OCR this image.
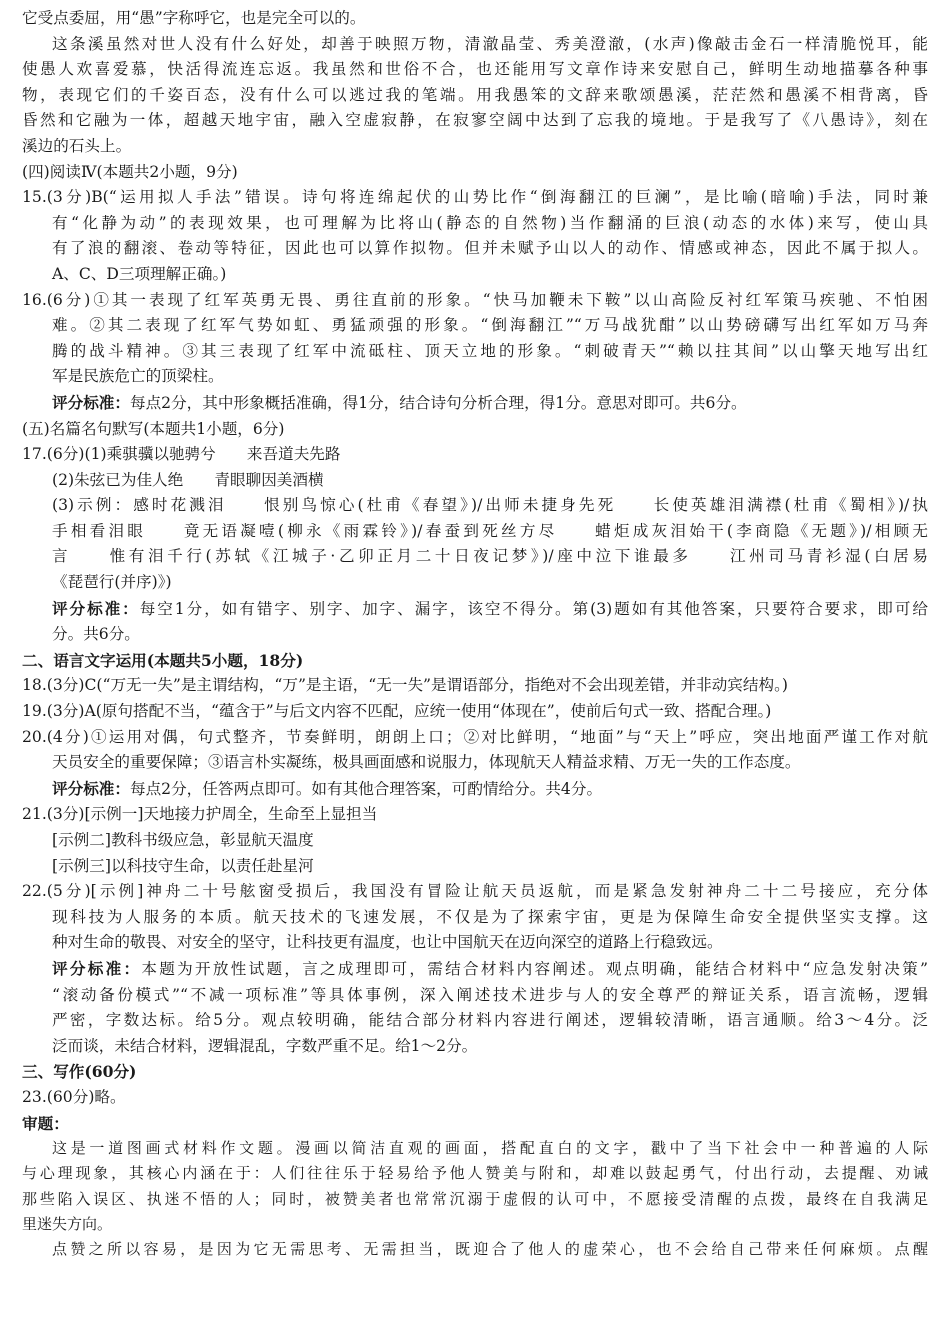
它受点委屈，用“愚”字称呼它，也是完全可以的。
这条溪虽然对世人没有什么好处，却善于映照万物，清澈晶莹、秀美澄澈，(水声)像敲击金石一样清脆悦耳，能
使愚人欢喜爱慕，快活得流连忘返。我虽然和世俗不合，也还能用写文章作诗来安慰自己，鲜明生动地描摹各种事
物，表现它们的千姿百态，没有什么可以逃过我的笔端。用我愚笨的文辞来歌颂愚溪，茫茫然和愚溪不相背离，昏
昏然和它融为一体，超越天地宇宙，融入空虚寂静，在寂寥空阔中达到了忘我的境地。于是我写了《八愚诗》，刻在
溪边的石头上。
(四)阅读Ⅳ(本题共2小题，9分)
15.(3分)B(“运用拟人手法”错误。诗句将连绵起伏的山势比作“倒海翻江的巨澜”，是比喻(暗喻)手法，同时兼
有“化静为动”的表现效果，也可理解为比将山(静态的自然物)当作翻涌的巨浪(动态的水体)来写，使山具
有了浪的翻滚、卷动等特征，因此也可以算作拟物。但并未赋予山以人的动作、情感或神态，因此不属于拟人。
A、C、D三项理解正确。)
16.(6分)①其一表现了红军英勇无畏、勇往直前的形象。“快马加鞭未下鞍”以山高险反衬红军策马疾驰、不怕困
难。②其二表现了红军气势如虹、勇猛顽强的形象。“倒海翻江”“万马战犹酣”以山势磅礴写出红军如万马奔
腾的战斗精神。③其三表现了红军中流砥柱、顶天立地的形象。“刺破青天”“赖以拄其间”以山擎天地写出红
军是民族危亡的顶梁柱。
评分标准：每点2分，其中形象概括准确，得1分，结合诗句分析合理，得1分。意思对即可。共6分。
(五)名篇名句默写(本题共1小题，6分)
17.(6分)(1)乘骐骥以驰骋兮　　来吾道夫先路
(2)朱弦已为佳人绝　　青眼聊因美酒横
(3)示例：感时花溅泪　　恨别鸟惊心(杜甫《春望》)/出师未捷身先死　　长使英雄泪满襟(杜甫《蜀相》)/执
手相看泪眼　　竟无语凝噎(柳永《雨霖铃》)/春蚕到死丝方尽　　蜡炬成灰泪始干(李商隐《无题》)/相顾无
言　　惟有泪千行(苏轼《江城子·乙卯正月二十日夜记梦》)/座中泣下谁最多　　江州司马青衫湿(白居易
《琵琶行(并序)》)
评分标准：每空1分，如有错字、别字、加字、漏字，该空不得分。第(3)题如有其他答案，只要符合要求，即可给
分。共6分。
二、语言文字运用(本题共5小题，18分)
18.(3分)C(“万无一失”是主谓结构，“万”是主语，“无一失”是谓语部分，指绝对不会出现差错，并非动宾结构。)
19.(3分)A(原句搭配不当，“蕴含于”与后文内容不匹配，应统一使用“体现在”，使前后句式一致、搭配合理。)
20.(4分)①运用对偶，句式整齐，节奏鲜明，朗朗上口；②对比鲜明，“地面”与“天上”呼应，突出地面严谨工作对航
天员安全的重要保障；③语言朴实凝练，极具画面感和说服力，体现航天人精益求精、万无一失的工作态度。
评分标准：每点2分，任答两点即可。如有其他合理答案，可酌情给分。共4分。
21.(3分)[示例一]天地接力护周全，生命至上显担当
[示例二]教科书级应急，彰显航天温度
[示例三]以科技守生命，以责任赴星河
22.(5分)[示例]神舟二十号舷窗受损后，我国没有冒险让航天员返航，而是紧急发射神舟二十二号接应，充分体
现科技为人服务的本质。航天技术的飞速发展，不仅是为了探索宇宙，更是为保障生命安全提供坚实支撑。这
种对生命的敬畏、对安全的坚守，让科技更有温度，也让中国航天在迈向深空的道路上行稳致远。
评分标准：本题为开放性试题，言之成理即可，需结合材料内容阐述。观点明确，能结合材料中“应急发射决策”
“滚动备份模式”“不减一项标准”等具体事例，深入阐述技术进步与人的安全尊严的辩证关系，语言流畅，逻辑
严密，字数达标。给5分。观点较明确，能结合部分材料内容进行阐述，逻辑较清晰，语言通顺。给3～4分。泛
泛而谈，未结合材料，逻辑混乱，字数严重不足。给1～2分。
三、写作(60分)
23.(60分)略。
审题：
这是一道图画式材料作文题。漫画以简洁直观的画面，搭配直白的文字，戳中了当下社会中一种普遍的人际
与心理现象，其核心内涵在于：人们往往乐于轻易给予他人赞美与附和，却难以鼓起勇气，付出行动，去提醒、劝诫
那些陷入误区、执迷不悟的人；同时，被赞美者也常常沉溺于虚假的认可中，不愿接受清醒的点拨，最终在自我满足
里迷失方向。
点赞之所以容易，是因为它无需思考、无需担当，既迎合了他人的虚荣心，也不会给自己带来任何麻烦。点醒
